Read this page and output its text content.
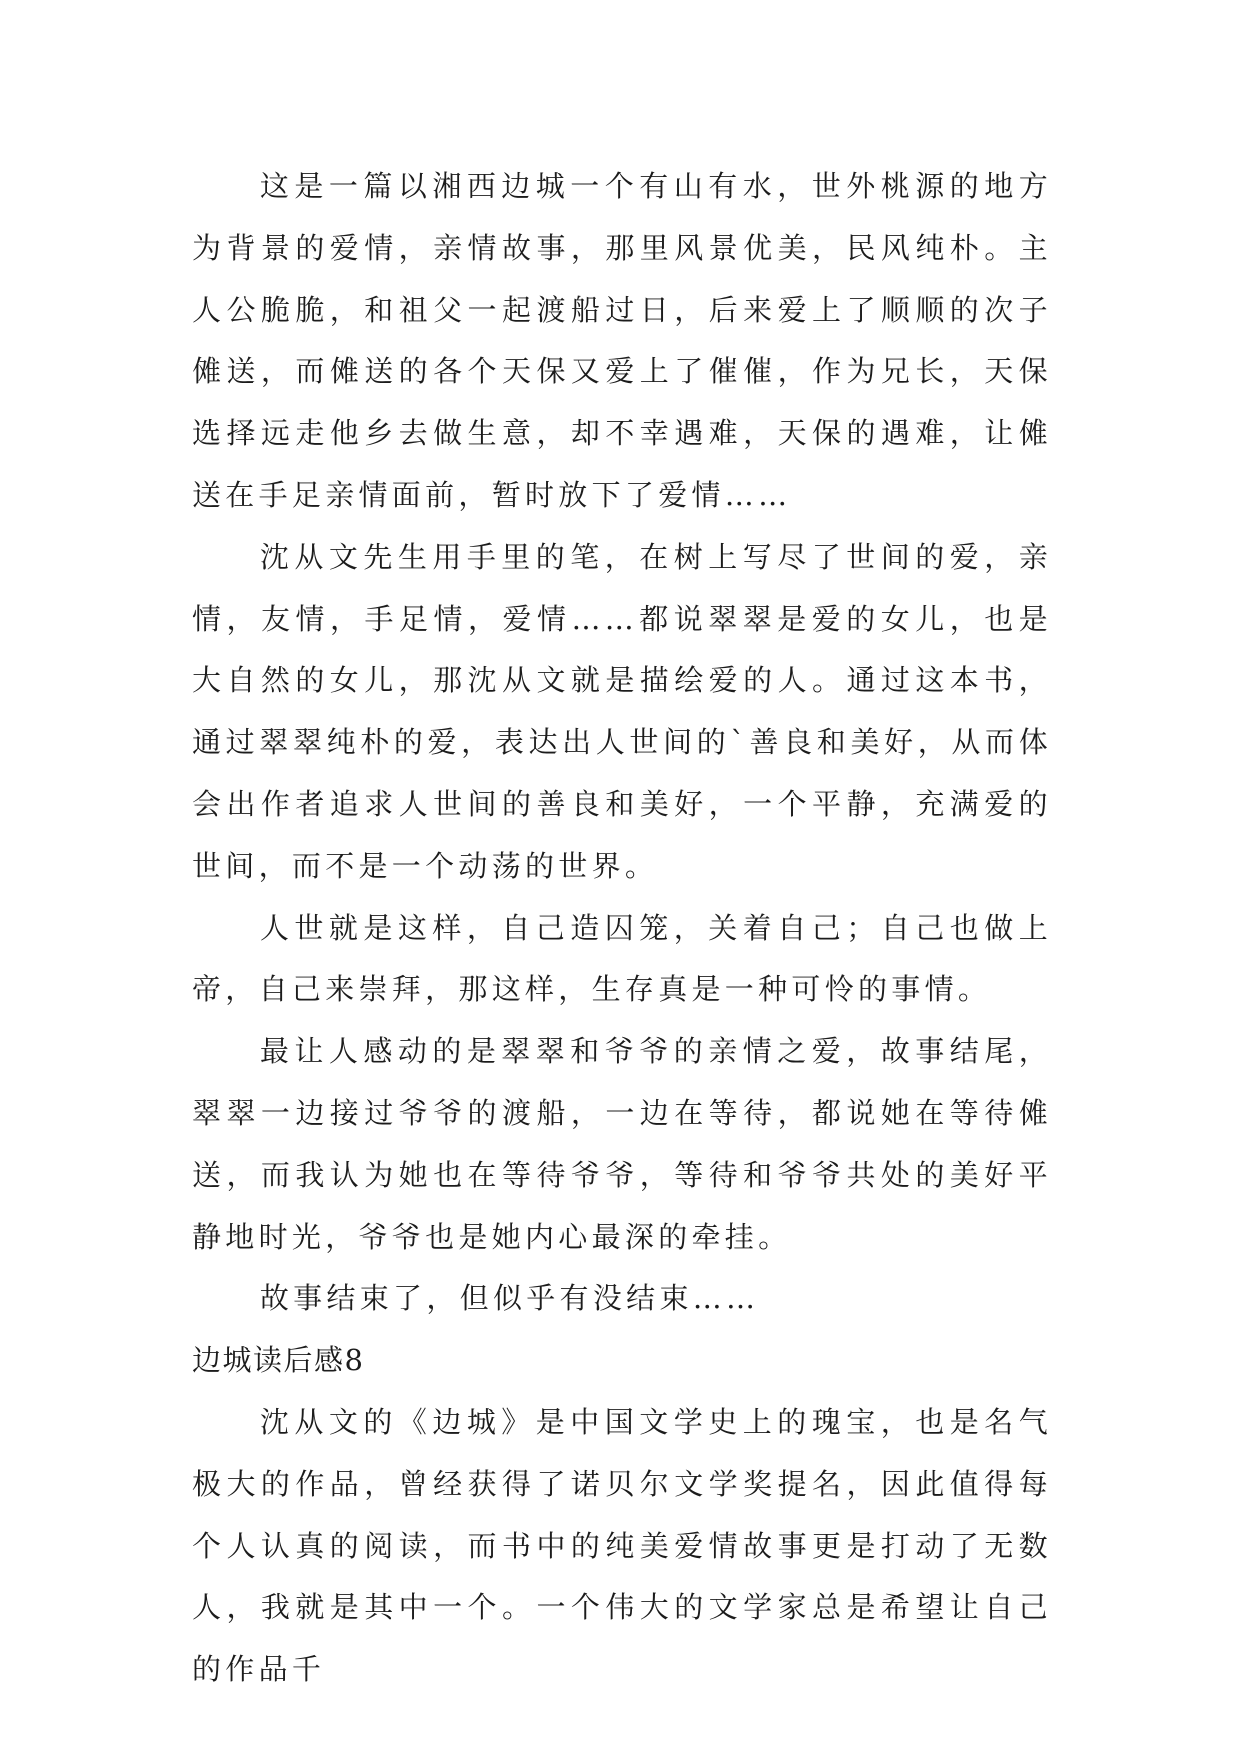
这是一篇以湘西边城一个有山有水，世外桃源的地方为背景的爱情，亲情故事，那里风景优美，民风纯朴。主人公脆脆，和祖父一起渡船过日，后来爱上了顺顺的次子傩送，而傩送的各个天保又爱上了催催，作为兄长，天保选择远走他乡去做生意，却不幸遇难，天保的遇难，让傩送在手足亲情面前，暂时放下了爱情……

沈从文先生用手里的笔，在树上写尽了世间的爱，亲情，友情，手足情，爱情……都说翠翠是爱的女儿，也是大自然的女儿，那沈从文就是描绘爱的人。通过这本书，通过翠翠纯朴的爱，表达出人世间的`善良和美好，从而体会出作者追求人世间的善良和美好，一个平静，充满爱的世间，而不是一个动荡的世界。

人世就是这样，自己造囚笼，关着自己；自己也做上帝，自己来崇拜，那这样，生存真是一种可怜的事情。

最让人感动的是翠翠和爷爷的亲情之爱，故事结尾，翠翠一边接过爷爷的渡船，一边在等待，都说她在等待傩送，而我认为她也在等待爷爷，等待和爷爷共处的美好平静地时光，爷爷也是她内心最深的牵挂。

故事结束了，但似乎有没结束……

边城读后感8

沈从文的《边城》是中国文学史上的瑰宝，也是名气极大的作品，曾经获得了诺贝尔文学奖提名，因此值得每个人认真的阅读，而书中的纯美爱情故事更是打动了无数人，我就是其中一个。一个伟大的文学家总是希望让自己的作品千
